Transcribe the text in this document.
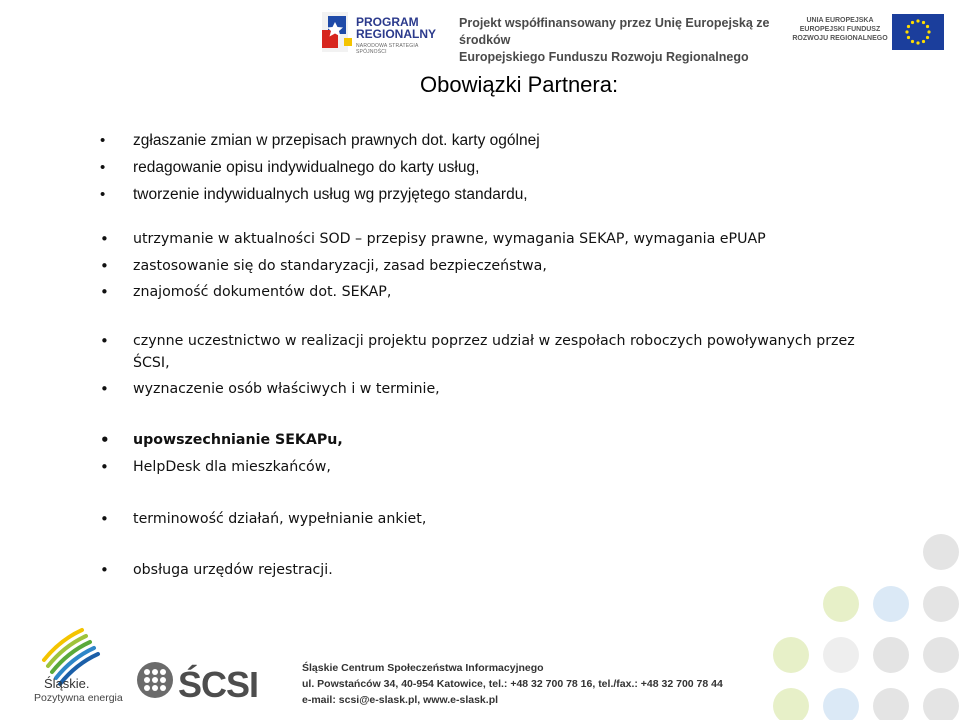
PROGRAM
REGIONALNY
NARODOWA STRATEGIA SPÓJNOŚCI
Projekt współfinansowany przez Unię Europejską ze środków
Europejskiego Funduszu Rozwoju Regionalnego
UNIA EUROPEJSKA
EUROPEJSKI FUNDUSZ
ROZWOJU REGIONALNEGO
Obowiązki Partnera:
• zgłaszanie zmian w przepisach prawnych dot. karty ogólnej
• redagowanie opisu indywidualnego do karty usług,
• tworzenie indywidualnych usług wg przyjętego standardu,
• utrzymanie w aktualności SOD – przepisy prawne, wymagania SEKAP, wymagania ePUAP
• zastosowanie się do standaryzacji, zasad bezpieczeństwa,
• znajomość dokumentów dot. SEKAP,
• czynne uczestnictwo w realizacji projektu poprzez udział w zespołach roboczych powoływanych przez ŚCSI,
• wyznaczenie osób właściwych i w terminie,
• upowszechnianie SEKAPu,
• HelpDesk dla mieszkańców,
• terminowość działań, wypełnianie ankiet,
• obsługa urzędów rejestracji.
Śląskie.
Pozytywna energia ŚCSI	Śląskie Centrum Społeczeństwa Informacyjnego
ul. Powstańców 34, 40-954 Katowice, tel.: +48 32 700 78 16, tel./fax.: +48 32 700 78 44
e-mail: scsi@e-slask.pl, www.e-slask.pl
